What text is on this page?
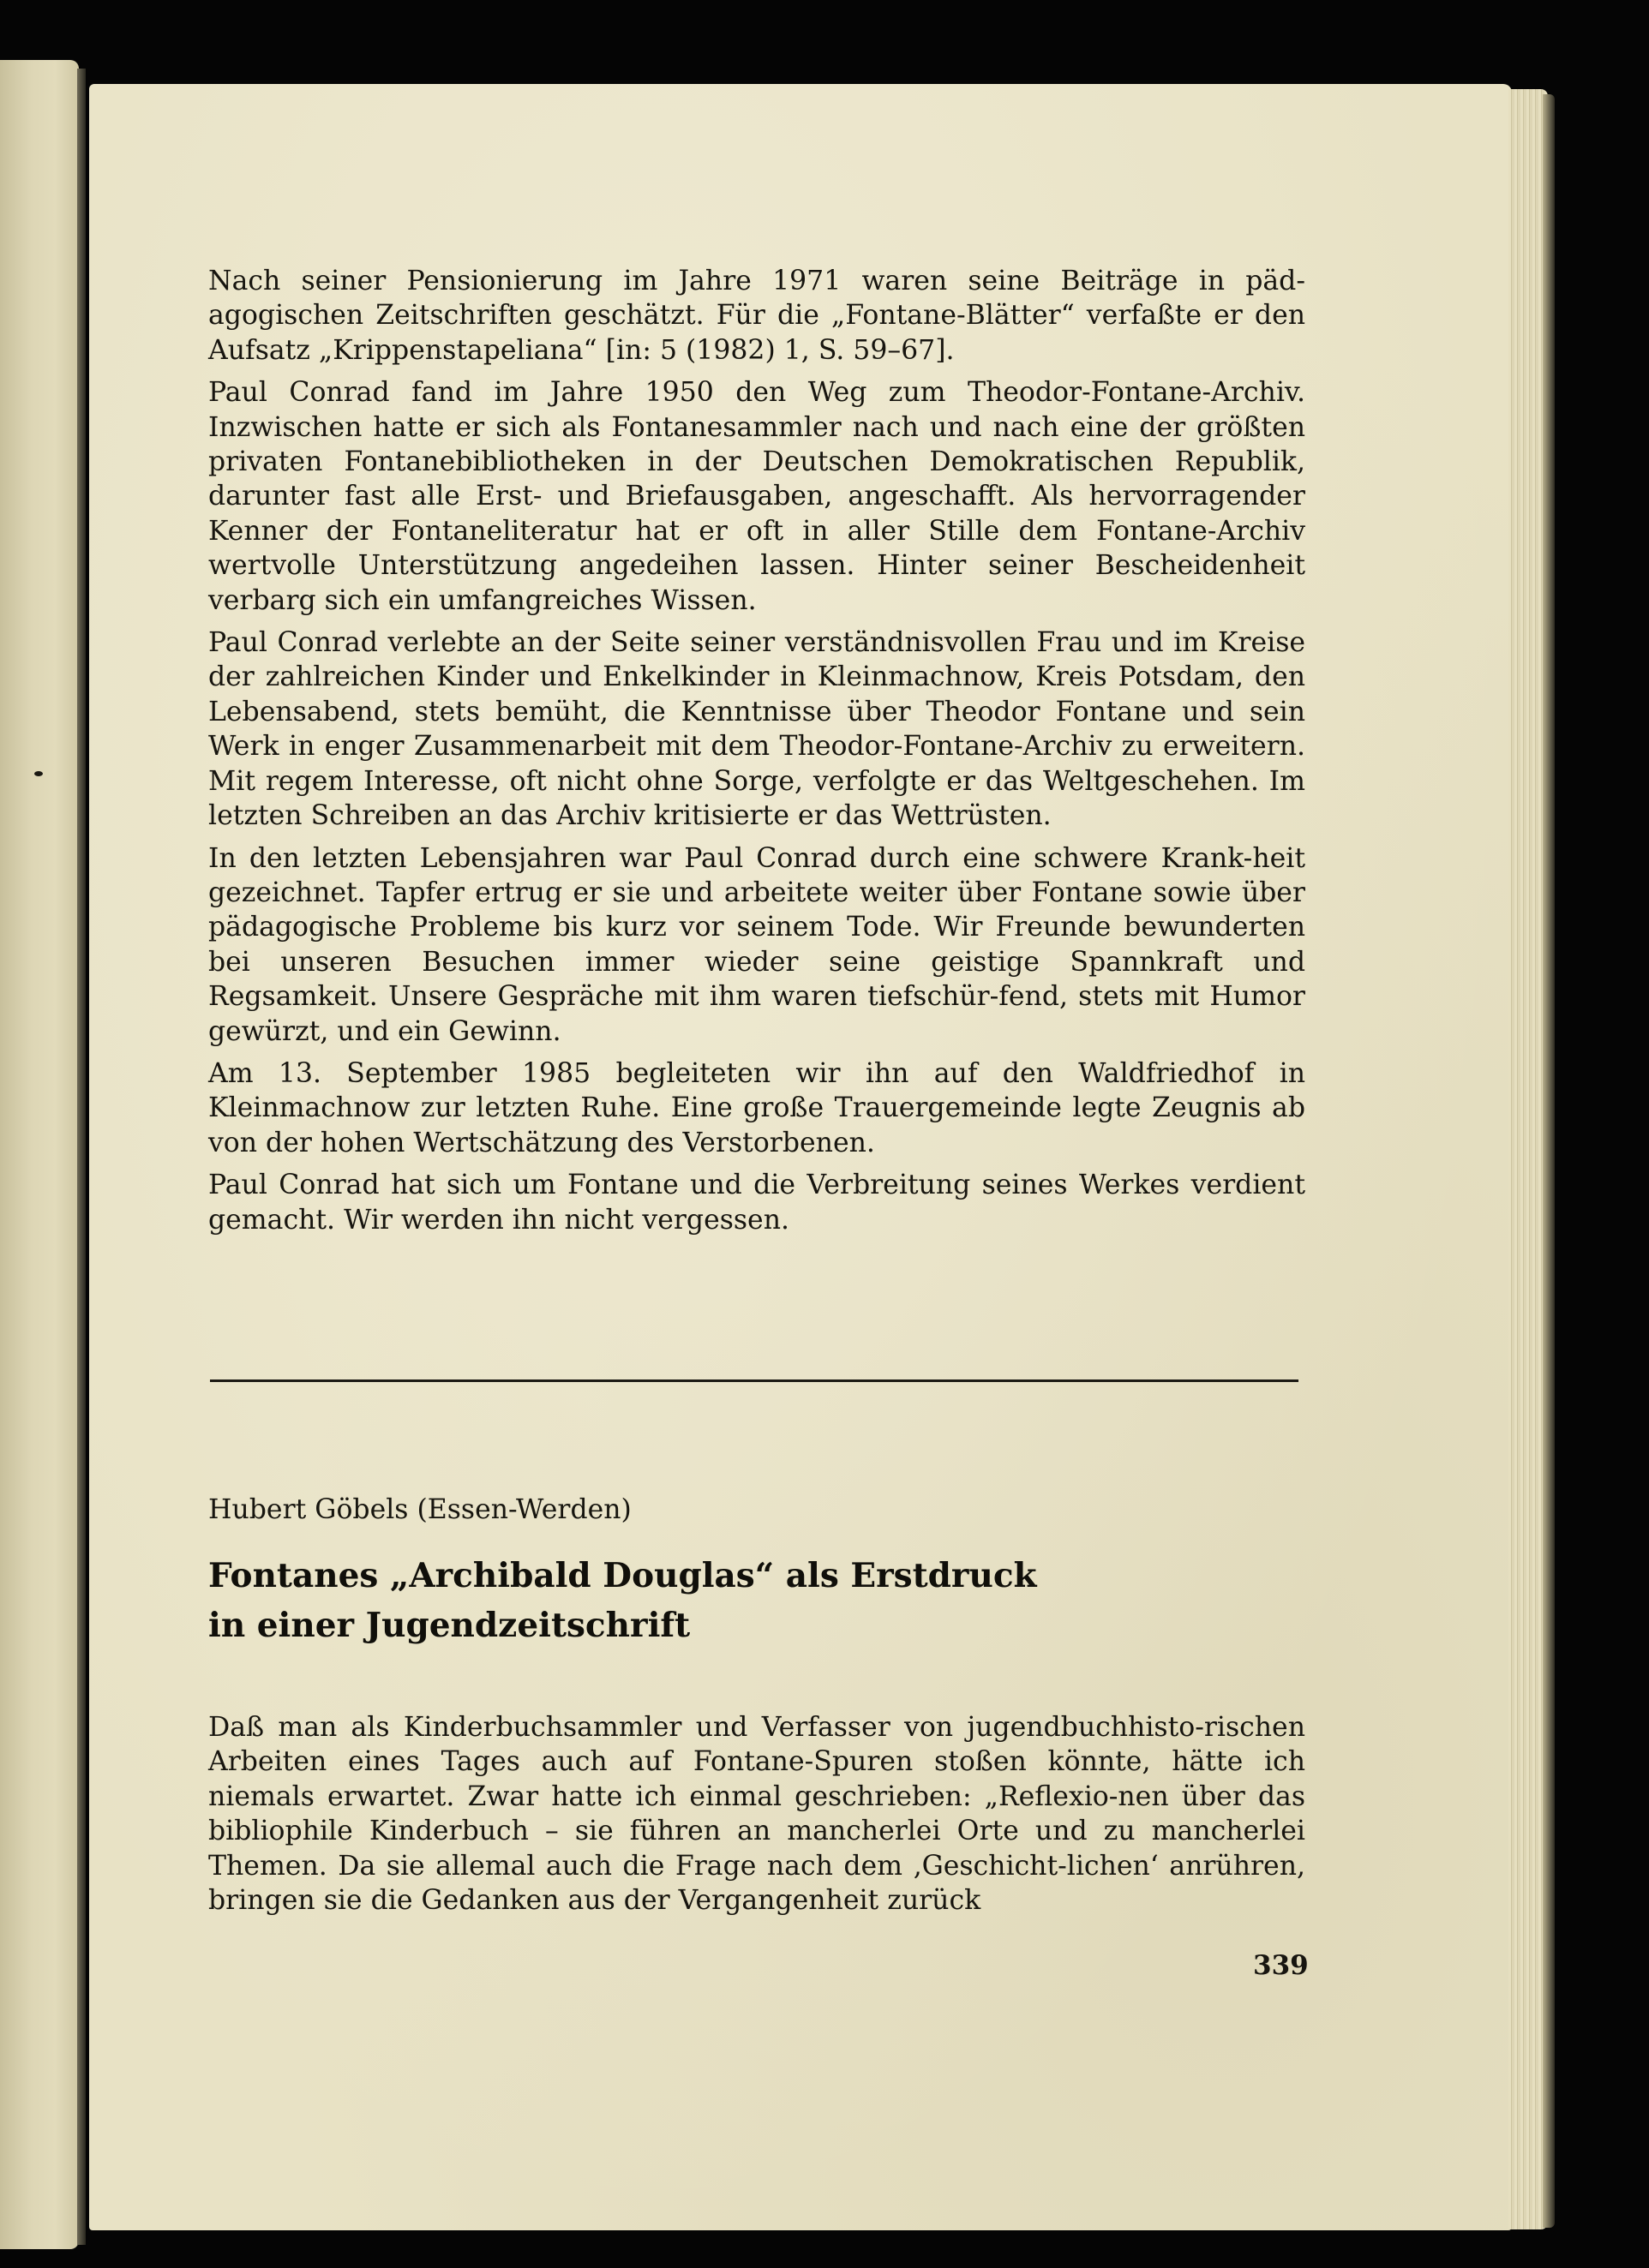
Nach seiner Pensionierung im Jahre 1971 waren seine Beiträge in päd-agogischen Zeitschriften geschätzt. Für die „Fontane-Blätter“ verfaßte er den Aufsatz „Krippenstapeliana“ [in: 5 (1982) 1, S. 59–67].

Paul Conrad fand im Jahre 1950 den Weg zum Theodor-Fontane-Archiv. Inzwischen hatte er sich als Fontanesammler nach und nach eine der größten privaten Fontanebibliotheken in der Deutschen Demokratischen Republik, darunter fast alle Erst- und Briefausgaben, angeschafft. Als hervorragender Kenner der Fontaneliteratur hat er oft in aller Stille dem Fontane-Archiv wertvolle Unterstützung angedeihen lassen. Hinter seiner Bescheidenheit verbarg sich ein umfangreiches Wissen.

Paul Conrad verlebte an der Seite seiner verständnisvollen Frau und im Kreise der zahlreichen Kinder und Enkelkinder in Kleinmachnow, Kreis Potsdam, den Lebensabend, stets bemüht, die Kenntnisse über Theodor Fontane und sein Werk in enger Zusammenarbeit mit dem Theodor-Fontane-Archiv zu erweitern. Mit regem Interesse, oft nicht ohne Sorge, verfolgte er das Weltgeschehen. Im letzten Schreiben an das Archiv kritisierte er das Wettrüsten.

In den letzten Lebensjahren war Paul Conrad durch eine schwere Krank-heit gezeichnet. Tapfer ertrug er sie und arbeitete weiter über Fontane sowie über pädagogische Probleme bis kurz vor seinem Tode. Wir Freunde bewunderten bei unseren Besuchen immer wieder seine geistige Spannkraft und Regsamkeit. Unsere Gespräche mit ihm waren tiefschür-fend, stets mit Humor gewürzt, und ein Gewinn.

Am 13. September 1985 begleiteten wir ihn auf den Waldfriedhof in Kleinmachnow zur letzten Ruhe. Eine große Trauergemeinde legte Zeugnis ab von der hohen Wertschätzung des Verstorbenen.

Paul Conrad hat sich um Fontane und die Verbreitung seines Werkes verdient gemacht. Wir werden ihn nicht vergessen.

Hubert Göbels (Essen-Werden)
Fontanes „Archibald Douglas“ als Erstdruck
in einer Jugendzeitschrift

Daß man als Kinderbuchsammler und Verfasser von jugendbuchhisto-rischen Arbeiten eines Tages auch auf Fontane-Spuren stoßen könnte, hätte ich niemals erwartet. Zwar hatte ich einmal geschrieben: „Reflexio-nen über das bibliophile Kinderbuch – sie führen an mancherlei Orte und zu mancherlei Themen. Da sie allemal auch die Frage nach dem ‚Geschicht-lichen‘ anrühren, bringen sie die Gedanken aus der Vergangenheit zurück

339
